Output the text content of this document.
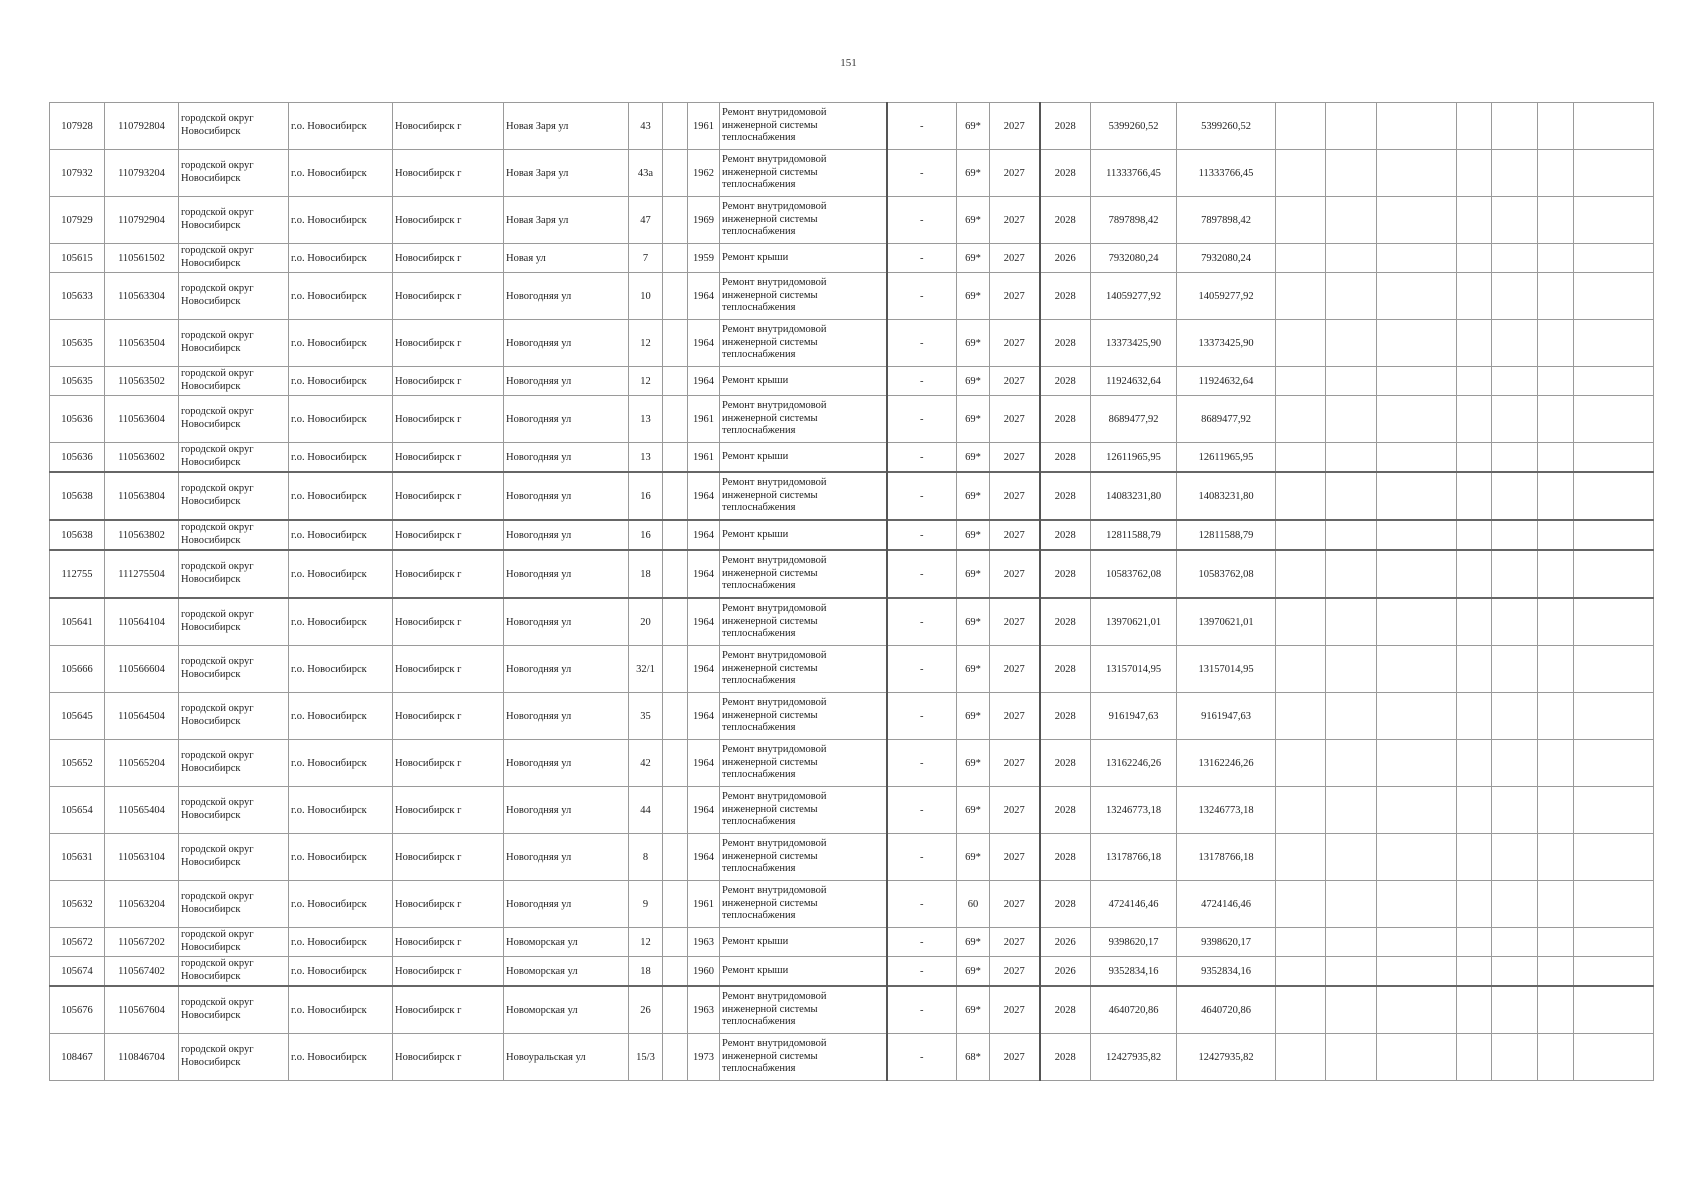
151
107928	110792804	городской округ Новосибирск	г.о. Новосибирск	Новосибирск г	Новая Заря ул	43		1961	Ремонт внутридомовой инженерной системы теплоснабжения	-	69*	2027	2028	5399260,52	5399260,52							
107932	110793204	городской округ Новосибирск	г.о. Новосибирск	Новосибирск г	Новая Заря ул	43а		1962	Ремонт внутридомовой инженерной системы теплоснабжения	-	69*	2027	2028	11333766,45	11333766,45							
107929	110792904	городской округ Новосибирск	г.о. Новосибирск	Новосибирск г	Новая Заря ул	47		1969	Ремонт внутридомовой инженерной системы теплоснабжения	-	69*	2027	2028	7897898,42	7897898,42							
105615	110561502	городской округ Новосибирск	г.о. Новосибирск	Новосибирск г	Новая ул	7		1959	Ремонт крыши	-	69*	2027	2026	7932080,24	7932080,24							
105633	110563304	городской округ Новосибирск	г.о. Новосибирск	Новосибирск г	Новогодняя ул	10		1964	Ремонт внутридомовой инженерной системы теплоснабжения	-	69*	2027	2028	14059277,92	14059277,92							
105635	110563504	городской округ Новосибирск	г.о. Новосибирск	Новосибирск г	Новогодняя ул	12		1964	Ремонт внутридомовой инженерной системы теплоснабжения	-	69*	2027	2028	13373425,90	13373425,90							
105635	110563502	городской округ Новосибирск	г.о. Новосибирск	Новосибирск г	Новогодняя ул	12		1964	Ремонт крыши	-	69*	2027	2028	11924632,64	11924632,64							
105636	110563604	городской округ Новосибирск	г.о. Новосибирск	Новосибирск г	Новогодняя ул	13		1961	Ремонт внутридомовой инженерной системы теплоснабжения	-	69*	2027	2028	8689477,92	8689477,92							
105636	110563602	городской округ Новосибирск	г.о. Новосибирск	Новосибирск г	Новогодняя ул	13		1961	Ремонт крыши	-	69*	2027	2028	12611965,95	12611965,95							
105638	110563804	городской округ Новосибирск	г.о. Новосибирск	Новосибирск г	Новогодняя ул	16		1964	Ремонт внутридомовой инженерной системы теплоснабжения	-	69*	2027	2028	14083231,80	14083231,80							
105638	110563802	городской округ Новосибирск	г.о. Новосибирск	Новосибирск г	Новогодняя ул	16		1964	Ремонт крыши	-	69*	2027	2028	12811588,79	12811588,79							
112755	111275504	городской округ Новосибирск	г.о. Новосибирск	Новосибирск г	Новогодняя ул	18		1964	Ремонт внутридомовой инженерной системы теплоснабжения	-	69*	2027	2028	10583762,08	10583762,08							
105641	110564104	городской округ Новосибирск	г.о. Новосибирск	Новосибирск г	Новогодняя ул	20		1964	Ремонт внутридомовой инженерной системы теплоснабжения	-	69*	2027	2028	13970621,01	13970621,01							
105666	110566604	городской округ Новосибирск	г.о. Новосибирск	Новосибирск г	Новогодняя ул	32/1		1964	Ремонт внутридомовой инженерной системы теплоснабжения	-	69*	2027	2028	13157014,95	13157014,95							
105645	110564504	городской округ Новосибирск	г.о. Новосибирск	Новосибирск г	Новогодняя ул	35		1964	Ремонт внутридомовой инженерной системы теплоснабжения	-	69*	2027	2028	9161947,63	9161947,63							
105652	110565204	городской округ Новосибирск	г.о. Новосибирск	Новосибирск г	Новогодняя ул	42		1964	Ремонт внутридомовой инженерной системы теплоснабжения	-	69*	2027	2028	13162246,26	13162246,26							
105654	110565404	городской округ Новосибирск	г.о. Новосибирск	Новосибирск г	Новогодняя ул	44		1964	Ремонт внутридомовой инженерной системы теплоснабжения	-	69*	2027	2028	13246773,18	13246773,18							
105631	110563104	городской округ Новосибирск	г.о. Новосибирск	Новосибирск г	Новогодняя ул	8		1964	Ремонт внутридомовой инженерной системы теплоснабжения	-	69*	2027	2028	13178766,18	13178766,18							
105632	110563204	городской округ Новосибирск	г.о. Новосибирск	Новосибирск г	Новогодняя ул	9		1961	Ремонт внутридомовой инженерной системы теплоснабжения	-	60	2027	2028	4724146,46	4724146,46							
105672	110567202	городской округ Новосибирск	г.о. Новосибирск	Новосибирск г	Новоморская ул	12		1963	Ремонт крыши	-	69*	2027	2026	9398620,17	9398620,17							
105674	110567402	городской округ Новосибирск	г.о. Новосибирск	Новосибирск г	Новоморская ул	18		1960	Ремонт крыши	-	69*	2027	2026	9352834,16	9352834,16							
105676	110567604	городской округ Новосибирск	г.о. Новосибирск	Новосибирск г	Новоморская ул	26		1963	Ремонт внутридомовой инженерной системы теплоснабжения	-	69*	2027	2028	4640720,86	4640720,86							
108467	110846704	городской округ Новосибирск	г.о. Новосибирск	Новосибирск г	Новоуральская ул	15/3		1973	Ремонт внутридомовой инженерной системы теплоснабжения	-	68*	2027	2028	12427935,82	12427935,82							
